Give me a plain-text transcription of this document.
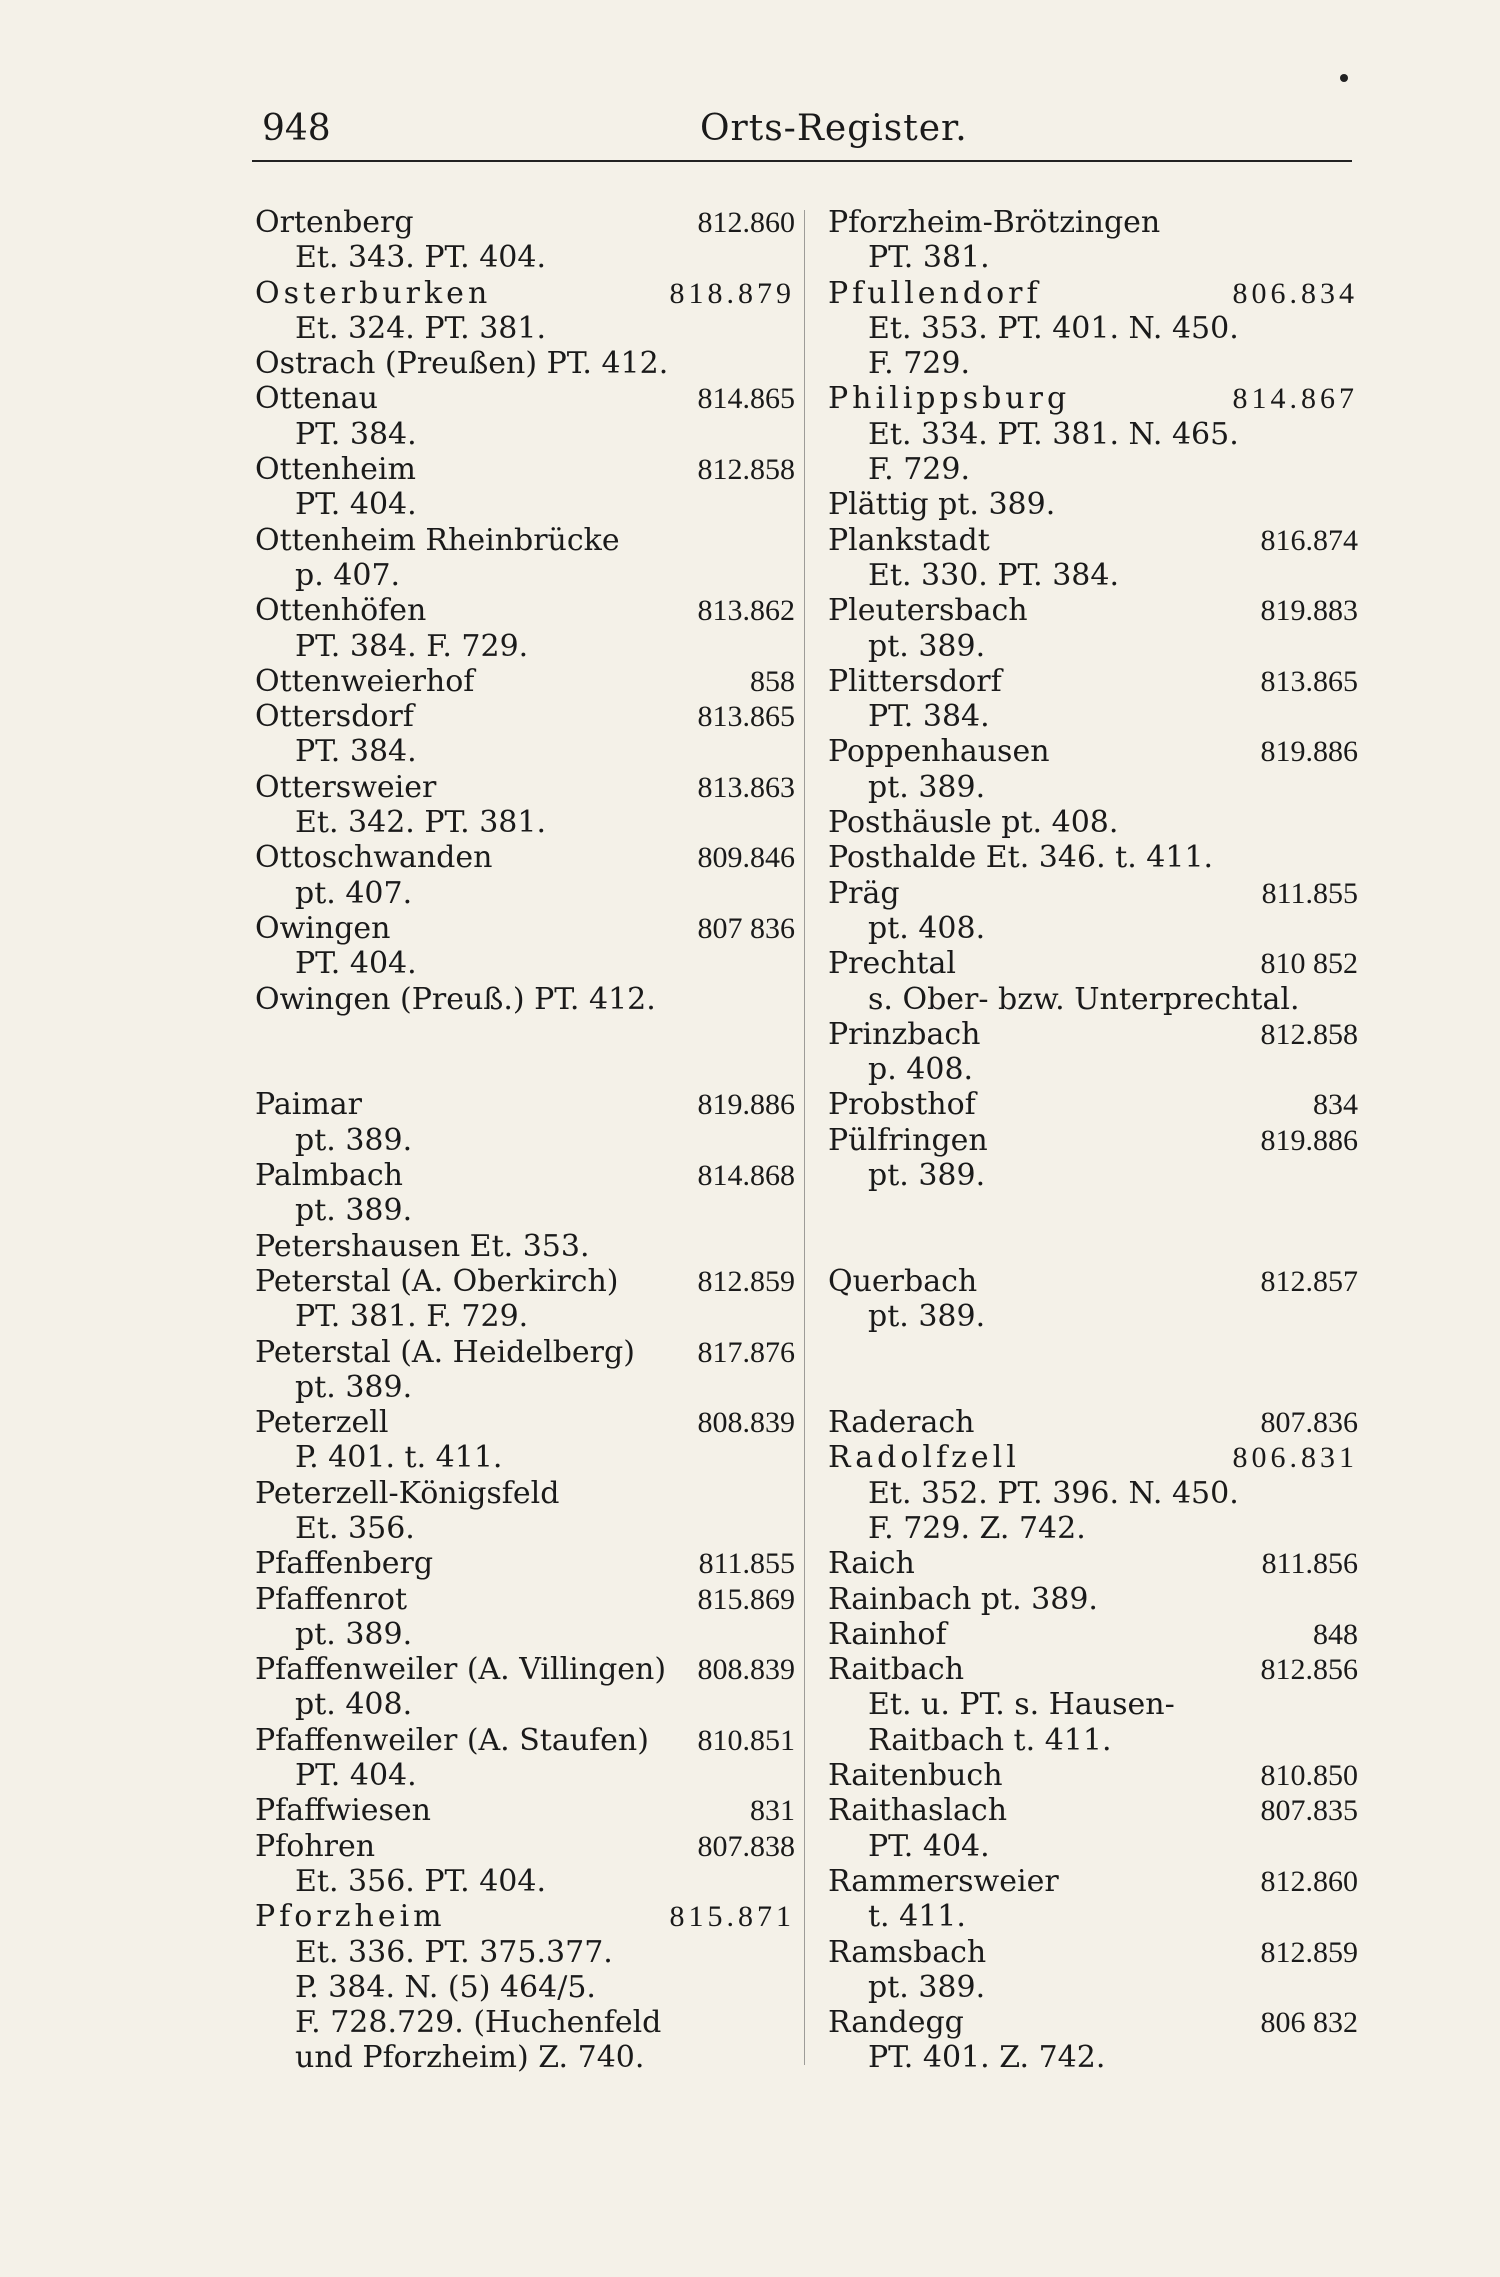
948	Orts-Register.
Ortenberg	812.860
Et. 343. PT. 404.
Osterburken	818.879
Et. 324. PT. 381.
Ostrach (Preußen) PT. 412.
Ottenau	814.865
PT. 384.
Ottenheim	812.858
PT. 404.
Ottenheim Rheinbrücke
p. 407.
Ottenhöfen	813.862
PT. 384. F. 729.
Ottenweierhof	858
Ottersdorf	813.865
PT. 384.
Ottersweier	813.863
Et. 342. PT. 381.
Ottoschwanden	809.846
pt. 407.
Owingen	807 836
PT. 404.
Owingen (Preuß.) PT. 412.
Paimar	819.886
pt. 389.
Palmbach	814.868
pt. 389.
Petershausen Et. 353.
Peterstal (A. Oberkirch)	812.859
PT. 381. F. 729.
Peterstal (A. Heidelberg) 817.876
pt. 389.
Peterzell	808.839
P. 401. t. 411.
Peterzell-Königsfeld
Et. 356.
Pfaffenberg	811.855
Pfaffenrot	815.869
pt. 389.
Pfaffenweiler (A. Villingen) 808.839
pt. 408.
Pfaffenweiler (A. Staufen) 810.851
PT. 404.
Pfaffwiesen	831
Pfohren	807.838
Et. 356. PT. 404.
Pforzheim	815.871
Et. 336. PT. 375.377.
P. 384. N. (5) 464/5.
F. 728.729. (Huchenfeld
und Pforzheim) Z. 740.
Pforzheim-Brötzingen
PT. 381.
Pfullendorf	806.834
Et. 353. PT. 401. N. 450.
F. 729.
Philippsburg	814.867
Et. 334. PT. 381. N. 465.
F. 729.
Plättig pt. 389.
Plankstadt	816.874
Et. 330. PT. 384.
Pleutersbach	819.883
pt. 389.
Plittersdorf	813.865
PT. 384.
Poppenhausen	819.886
pt. 389.
Posthäusle pt. 408.
Posthalde Et. 346. t. 411.
Präg	811.855
pt. 408.
Prechtal	810 852
s. Ober- bzw. Unterprechtal.
Prinzbach	812.858
p. 408.
Probsthof	834
Pülfringen	819.886
pt. 389.
Querbach	812.857
pt. 389.
Raderach	807.836
Radolfzell	806.831
Et. 352. PT. 396. N. 450.
F. 729. Z. 742.
Raich	811.856
Rainbach pt. 389.
Rainhof	848
Raitbach	812.856
Et. u. PT. s. Hausen-
Raitbach t. 411.
Raitenbuch	810.850
Raithaslach	807.835
PT. 404.
Rammersweier	812.860
t. 411.
Ramsbach	812.859
pt. 389.
Randegg	806 832
PT. 401. Z. 742.
